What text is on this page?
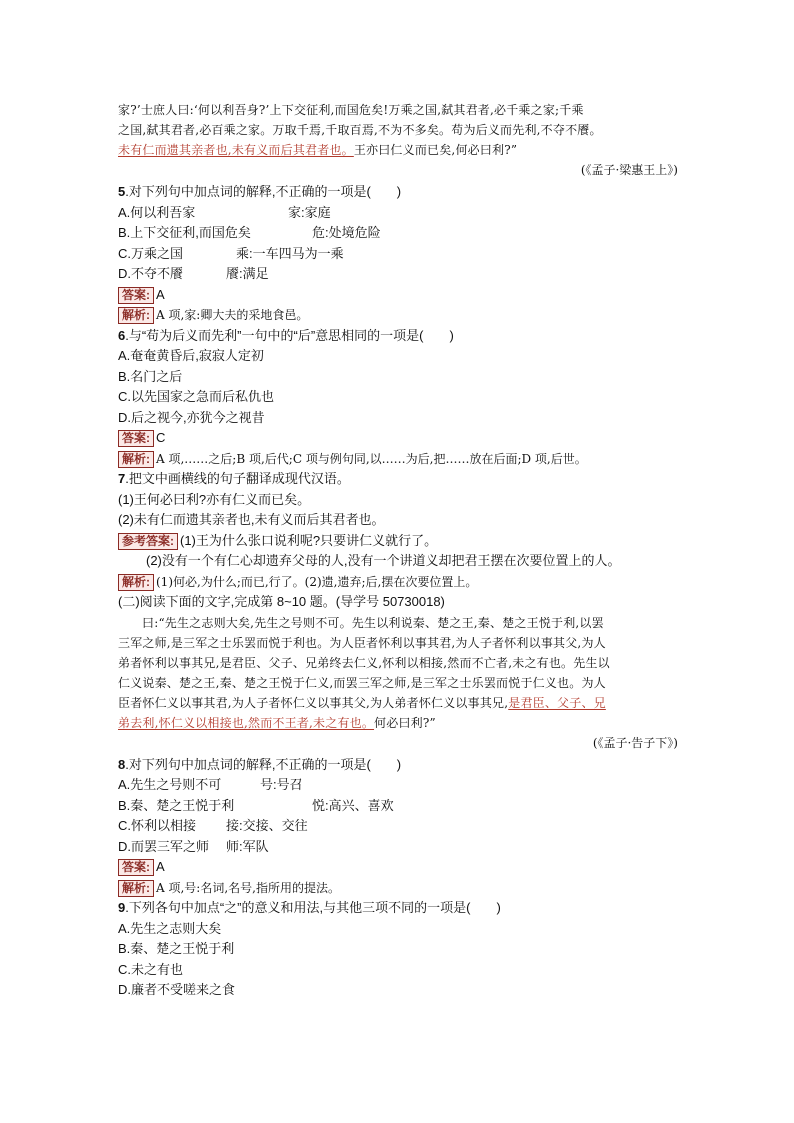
家?’士庶人曰:‘何以利吾身?’上下交征利,而国危矣!万乘之国,弑其君者,必千乘之家;千乘
之国,弑其君者,必百乘之家。万取千焉,千取百焉,不为不多矣。苟为后义而先利,不夺不餍。
未有仁而遗其亲者也,未有义而后其君者也。王亦曰仁义而已矣,何必曰利?”
(《孟子·梁惠王上》)
5.对下列句中加点词的解释,不正确的一项是(　　)
A.何以利吾家	家:家庭
B.上下交征利,而国危矣	危:处境危险
C.万乘之国	乘:一车四马为一乘
D.不夺不餍	餍:满足
答案: A
解析: A 项,家:卿大夫的采地食邑。
6.与“苟为后义而先利”一句中的“后”意思相同的一项是(　　)
A.奄奄黄昏后,寂寂人定初
B.名门之后
C.以先国家之急而后私仇也
D.后之视今,亦犹今之视昔
答案: C
解析: A 项,……之后;B 项,后代;C 项与例句同,以……为后,把……放在后面;D 项,后世。
7.把文中画横线的句子翻译成现代汉语。
(1)王何必曰利?亦有仁义而已矣。
(2)未有仁而遗其亲者也,未有义而后其君者也。
参考答案: (1)王为什么张口说利呢?只要讲仁义就行了。
(2)没有一个有仁心却遗弃父母的人,没有一个讲道义却把君王摆在次要位置上的人。
解析: (1)何必,为什么;而已,行了。(2)遗,遗弃;后,摆在次要位置上。
(二)阅读下面的文字,完成第 8~10 题。(导学号 50730018)
曰:“先生之志则大矣,先生之号则不可。先生以利说秦、楚之王,秦、楚之王悦于利,以罢
三军之师,是三军之士乐罢而悦于利也。为人臣者怀利以事其君,为人子者怀利以事其父,为人
弟者怀利以事其兄,是君臣、父子、兄弟终去仁义,怀利以相接,然而不亡者,未之有也。先生以
仁义说秦、楚之王,秦、楚之王悦于仁义,而罢三军之师,是三军之士乐罢而悦于仁义也。为人
臣者怀仁义以事其君,为人子者怀仁义以事其父,为人弟者怀仁义以事其兄,是君臣、父子、兄
弟去利,怀仁义以相接也,然而不王者,未之有也。何必曰利?”
(《孟子·告子下》)
8.对下列句中加点词的解释,不正确的一项是(　　)
A.先生之号则不可	号:号召
B.秦、楚之王悦于利	悦:高兴、喜欢
C.怀利以相接 接:交接、交往
D.而罢三军之师 师:军队
答案: A
解析: A 项,号:名词,名号,指所用的提法。
9.下列各句中加点“之”的意义和用法,与其他三项不同的一项是(　　)
A.先生之志则大矣
B.秦、楚之王悦于利
C.未之有也
D.廉者不受嗟来之食
